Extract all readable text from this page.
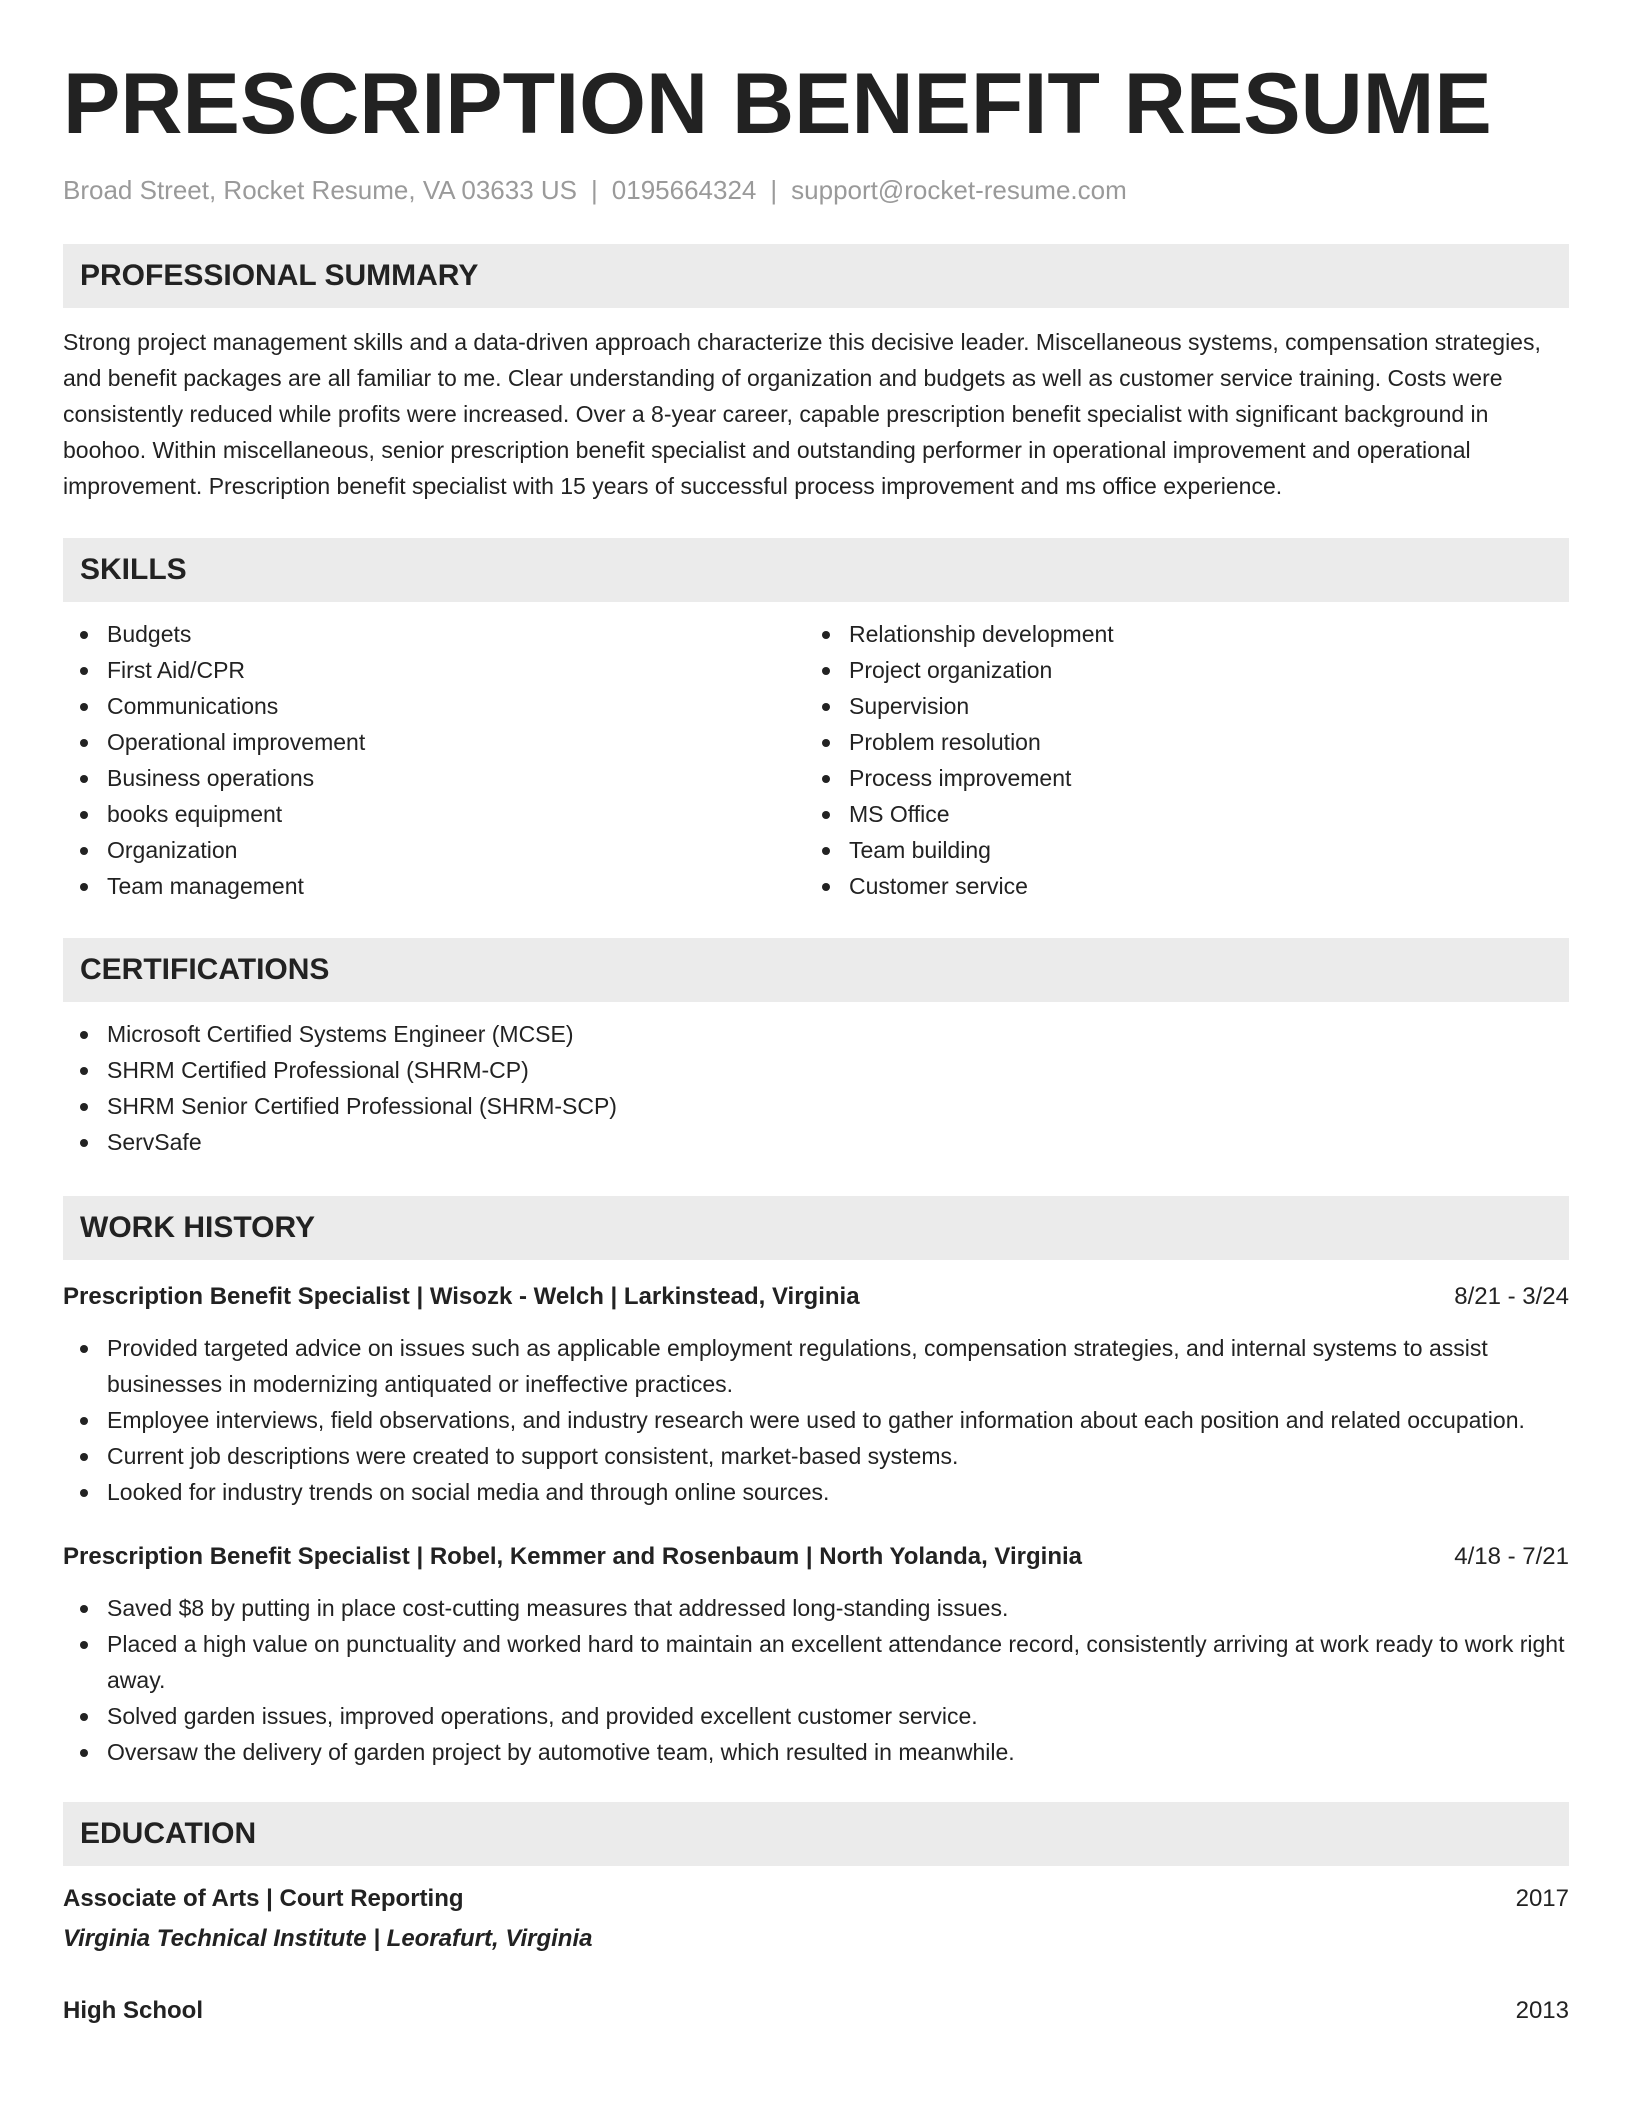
PRESCRIPTION BENEFIT RESUME
Broad Street, Rocket Resume, VA 03633 US | 0195664324 | support@rocket-resume.com
PROFESSIONAL SUMMARY

Strong project management skills and a data-driven approach characterize this decisive leader. Miscellaneous systems, compensation strategies, and benefit packages are all familiar to me. Clear understanding of organization and budgets as well as customer service training. Costs were consistently reduced while profits were increased. Over a 8-year career, capable prescription benefit specialist with significant background in boohoo. Within miscellaneous, senior prescription benefit specialist and outstanding performer in operational improvement and operational improvement. Prescription benefit specialist with 15 years of successful process improvement and ms office experience.

SKILLS
Budgets
First Aid/CPR
Communications
Operational improvement
Business operations
books equipment
Organization
Team management
Relationship development
Project organization
Supervision
Problem resolution
Process improvement
MS Office
Team building
Customer service
CERTIFICATIONS
Microsoft Certified Systems Engineer (MCSE)
SHRM Certified Professional (SHRM-CP)
SHRM Senior Certified Professional (SHRM-SCP)
ServSafe
WORK HISTORY
Prescription Benefit Specialist | Wisozk - Welch | Larkinstead, Virginia	8/21 - 3/24
Provided targeted advice on issues such as applicable employment regulations, compensation strategies, and internal systems to assist businesses in modernizing antiquated or ineffective practices.
Employee interviews, field observations, and industry research were used to gather information about each position and related occupation.
Current job descriptions were created to support consistent, market-based systems.
Looked for industry trends on social media and through online sources.
Prescription Benefit Specialist | Robel, Kemmer and Rosenbaum | North Yolanda, Virginia	4/18 - 7/21
Saved $8 by putting in place cost-cutting measures that addressed long-standing issues.
Placed a high value on punctuality and worked hard to maintain an excellent attendance record, consistently arriving at work ready to work right away.
Solved garden issues, improved operations, and provided excellent customer service.
Oversaw the delivery of garden project by automotive team, which resulted in meanwhile.
EDUCATION
Associate of Arts | Court Reporting	2017
Virginia Technical Institute | Leorafurt, Virginia
High School	2013
